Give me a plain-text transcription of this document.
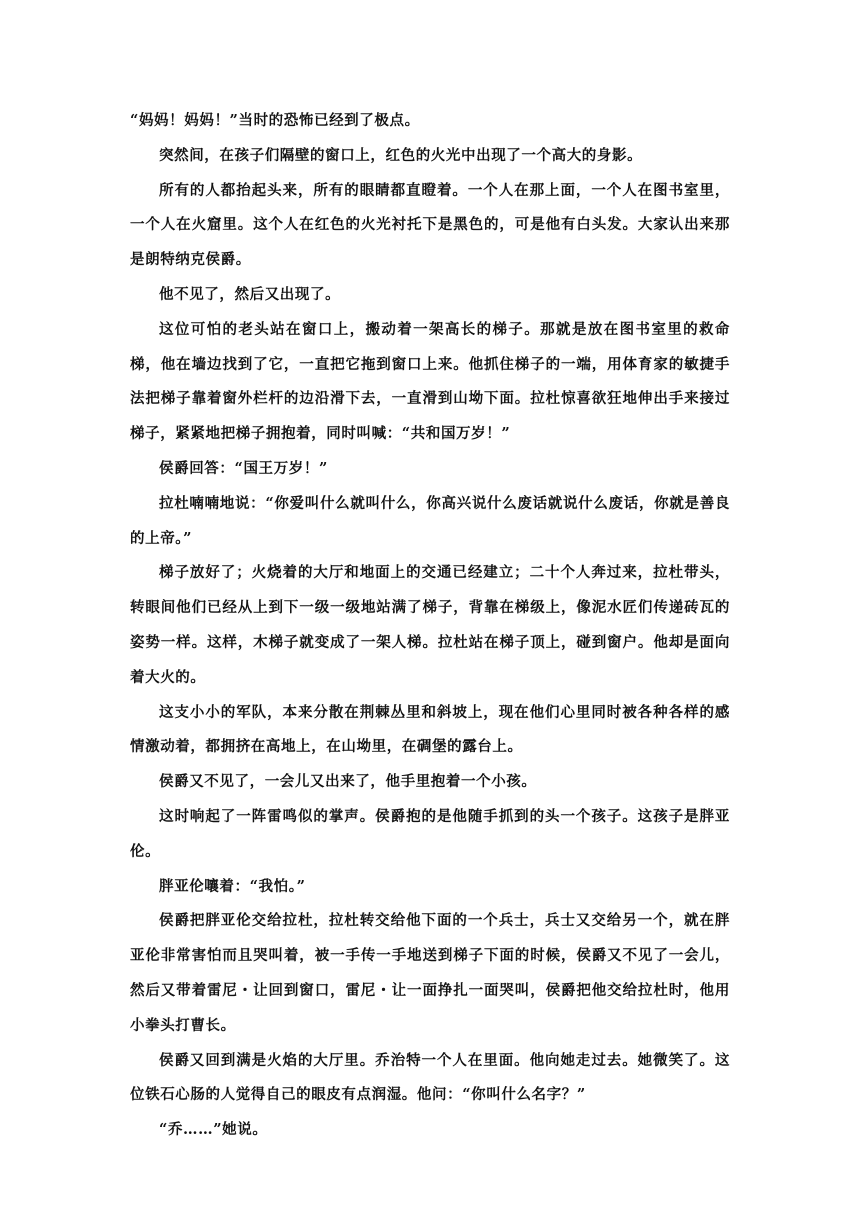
“妈妈！妈妈！”当时的恐怖已经到了极点。

突然间，在孩子们隔壁的窗口上，红色的火光中出现了一个高大的身影。

所有的人都抬起头来，所有的眼睛都直瞪着。一个人在那上面，一个人在图书室里，一个人在火窟里。这个人在红色的火光衬托下是黑色的，可是他有白头发。大家认出来那是朗特纳克侯爵。

他不见了，然后又出现了。

这位可怕的老头站在窗口上，搬动着一架高长的梯子。那就是放在图书室里的救命梯，他在墙边找到了它，一直把它拖到窗口上来。他抓住梯子的一端，用体育家的敏捷手法把梯子靠着窗外栏杆的边沿滑下去，一直滑到山坳下面。拉杜惊喜欲狂地伸出手来接过梯子，紧紧地把梯子拥抱着，同时叫喊：“共和国万岁！”

侯爵回答：“国王万岁！”

拉杜喃喃地说：“你爱叫什么就叫什么，你高兴说什么废话就说什么废话，你就是善良的上帝。”

梯子放好了；火烧着的大厅和地面上的交通已经建立；二十个人奔过来，拉杜带头，转眼间他们已经从上到下一级一级地站满了梯子，背靠在梯级上，像泥水匠们传递砖瓦的姿势一样。这样，木梯子就变成了一架人梯。拉杜站在梯子顶上，碰到窗户。他却是面向着大火的。

这支小小的军队，本来分散在荆棘丛里和斜坡上，现在他们心里同时被各种各样的感情激动着，都拥挤在高地上，在山坳里，在碉堡的露台上。

侯爵又不见了，一会儿又出来了，他手里抱着一个小孩。

这时响起了一阵雷鸣似的掌声。侯爵抱的是他随手抓到的头一个孩子。这孩子是胖亚伦。

胖亚伦嚷着：“我怕。”

侯爵把胖亚伦交给拉杜，拉杜转交给他下面的一个兵士，兵士又交给另一个，就在胖亚伦非常害怕而且哭叫着，被一手传一手地送到梯子下面的时候，侯爵又不见了一会儿，然后又带着雷尼・让回到窗口，雷尼・让一面挣扎一面哭叫，侯爵把他交给拉杜时，他用小拳头打曹长。

侯爵又回到满是火焰的大厅里。乔治特一个人在里面。他向她走过去。她微笑了。这位铁石心肠的人觉得自己的眼皮有点润湿。他问：“你叫什么名字？”

“乔……”她说。
